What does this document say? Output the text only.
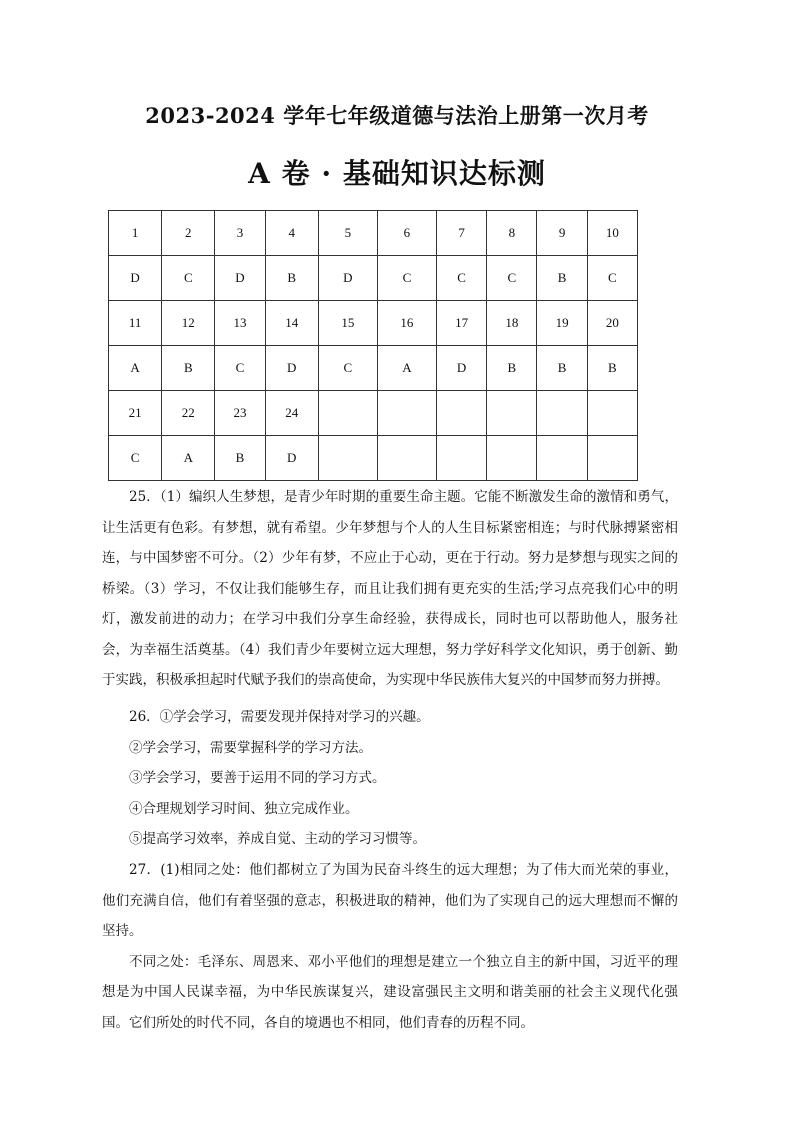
2023-2024 学年七年级道德与法治上册第一次月考
A 卷 · 基础知识达标测
1	2	3	4	5	6	7	8	9	10
D	C	D	B	D	C	C	C	B	C
11	12	13	14	15	16	17	18	19	20
A	B	C	D	C	A	D	B	B	B
21	22	23	24						
C	A	B	D						

25．（1）编织人生梦想，是青少年时期的重要生命主题。它能不断激发生命的激情和勇气，让生活更有色彩。有梦想，就有希望。少年梦想与个人的人生目标紧密相连；与时代脉搏紧密相连，与中国梦密不可分。（2）少年有梦，不应止于心动，更在于行动。努力是梦想与现实之间的桥梁。（3）学习，不仅让我们能够生存，而且让我们拥有更充实的生活;学习点亮我们心中的明灯，激发前进的动力；在学习中我们分享生命经验，获得成长，同时也可以帮助他人，服务社会，为幸福生活奠基。（4）我们青少年要树立远大理想，努力学好科学文化知识，勇于创新、勤于实践，积极承担起时代赋予我们的崇高使命，为实现中华民族伟大复兴的中国梦而努力拼搏。

26．①学会学习，需要发现并保持对学习的兴趣。

②学会学习，需要掌握科学的学习方法。

③学会学习，要善于运用不同的学习方式。

④合理规划学习时间、独立完成作业。

⑤提高学习效率，养成自觉、主动的学习习惯等。

27．(1)相同之处：他们都树立了为国为民奋斗终生的远大理想；为了伟大而光荣的事业，他们充满自信，他们有着坚强的意志，积极进取的精神，他们为了实现自己的远大理想而不懈的坚持。

不同之处：毛泽东、周恩来、邓小平他们的理想是建立一个独立自主的新中国，习近平的理想是为中国人民谋幸福，为中华民族谋复兴，建设富强民主文明和谐美丽的社会主义现代化强国。它们所处的时代不同，各自的境遇也不相同，他们青春的历程不同。
